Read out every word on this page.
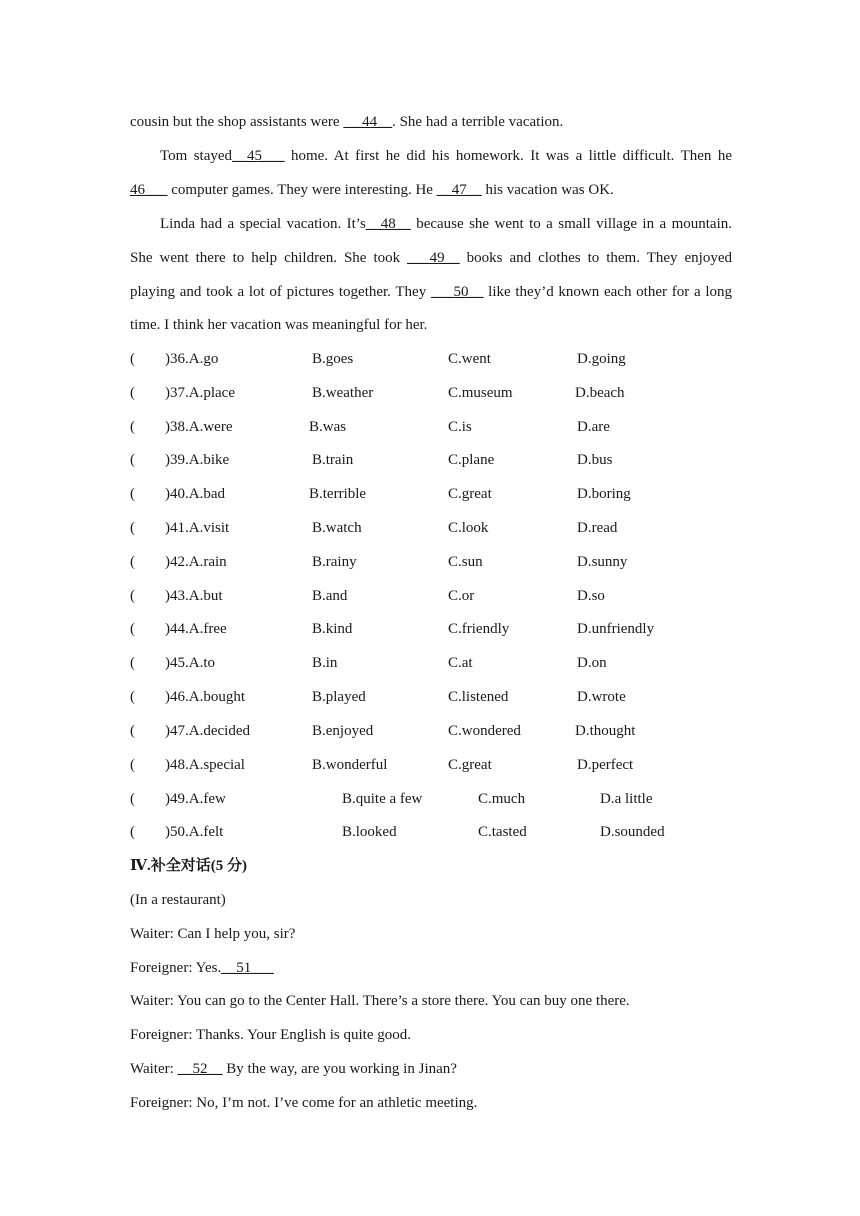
cousin but the shop assistants were  __44__. She had a terrible vacation.
Tom stayed__45___ home. At first he did his homework. It was a little difficult. Then he
46___ computer games. They were interesting. He __47__ his vacation was OK.
Linda had a special vacation. It’s__48__ because she went to a small village in a mountain.
She went there to help children. She took ___49__ books and clothes to them. They enjoyed
playing and took a lot of pictures together. They ___50__ like they’d known each other for a long
time. I think her vacation was meaningful for her.
( )36.A.go	B.goes	C.went	D.going
( )37.A.place	B.weather	C.museum	D.beach
( )38.A.were	B.was	C.is	D.are
( )39.A.bike	B.train	C.plane	D.bus
( )40.A.bad	B.terrible	C.great	D.boring
( )41.A.visit	B.watch	C.look	D.read
( )42.A.rain	B.rainy	C.sun	D.sunny
( )43.A.but	B.and	C.or	D.so
( )44.A.free	B.kind	C.friendly	D.unfriendly
( )45.A.to	B.in	C.at	D.on
( )46.A.bought	B.played	C.listened	D.wrote
( )47.A.decided	B.enjoyed	C.wondered	D.thought
( )48.A.special	B.wonderful	C.great	D.perfect
( )49.A.few	B.quite a few	C.much	D.a little
( )50.A.felt	B.looked	C.tasted	D.sounded
Ⅳ.补全对话(5 分)
(In a restaurant)
Waiter: Can I help you, sir?
Foreigner: Yes.__51___
Waiter: You can go to the Center Hall. There’s a store there. You can buy one there.
Foreigner: Thanks. Your English is quite good.
Waiter: __52__ By the way, are you working in Jinan?
Foreigner: No, I’m not. I’ve come for an athletic meeting.
